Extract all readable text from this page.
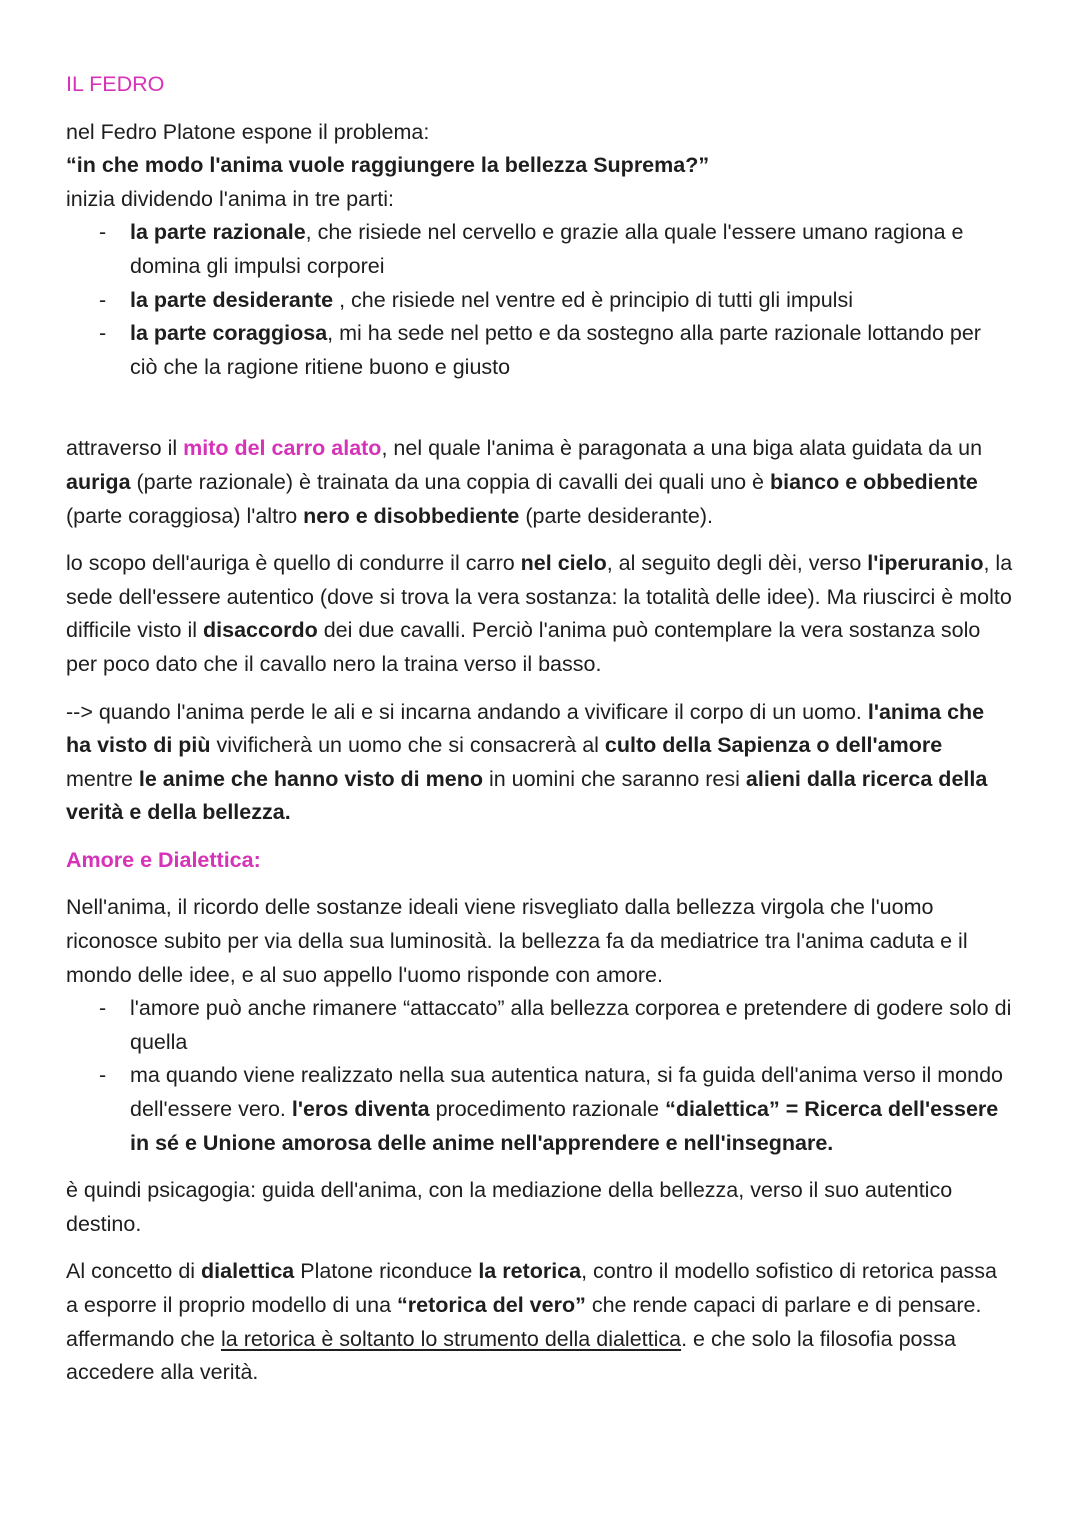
IL FEDRO

nel Fedro Platone espone il problema:

“in che modo l'anima vuole raggiungere la bellezza Suprema?”

inizia dividendo l'anima in tre parti:

- la parte razionale, che risiede nel cervello e grazie alla quale l'essere umano ragiona e domina gli impulsi corporei
- la parte desiderante , che risiede nel ventre ed è principio di tutti gli impulsi
- la parte coraggiosa, mi ha sede nel petto e da sostegno alla parte razionale lottando per ciò che la ragione ritiene buono e giusto

attraverso il mito del carro alato, nel quale l'anima è paragonata a una biga alata guidata da un auriga (parte razionale) è trainata da una coppia di cavalli dei quali uno è bianco e obbediente (parte coraggiosa) l'altro nero e disobbediente (parte desiderante).

lo scopo dell'auriga è quello di condurre il carro nel cielo, al seguito degli dèi, verso l'iperuranio, la sede dell'essere autentico (dove si trova la vera sostanza: la totalità delle idee). Ma riuscirci è molto difficile visto il disaccordo dei due cavalli. Perciò l'anima può contemplare la vera sostanza solo per poco dato che il cavallo nero la traina verso il basso.

--> quando l'anima perde le ali e si incarna andando a vivificare il corpo di un uomo. l'anima che ha visto di più vivificherà un uomo che si consacrerà al culto della Sapienza o dell'amore mentre le anime che hanno visto di meno in uomini che saranno resi alieni dalla ricerca della verità e della bellezza.

Amore e Dialettica:

Nell'anima, il ricordo delle sostanze ideali viene risvegliato dalla bellezza virgola che l'uomo riconosce subito per via della sua luminosità. la bellezza fa da mediatrice tra l'anima caduta e il mondo delle idee, e al suo appello l'uomo risponde con amore.

- l'amore può anche rimanere “attaccato” alla bellezza corporea e pretendere di godere solo di quella
- ma quando viene realizzato nella sua autentica natura, si fa guida dell'anima verso il mondo dell'essere vero. l'eros diventa procedimento razionale “dialettica” = Ricerca dell'essere in sé e Unione amorosa delle anime nell'apprendere e nell'insegnare.

è quindi psicagogia: guida dell'anima, con la mediazione della bellezza, verso il suo autentico destino.

Al concetto di dialettica Platone riconduce la retorica, contro il modello sofistico di retorica passa a esporre il proprio modello di una “retorica del vero” che rende capaci di parlare e di pensare. affermando che la retorica è soltanto lo strumento della dialettica. e che solo la filosofia possa accedere alla verità.
